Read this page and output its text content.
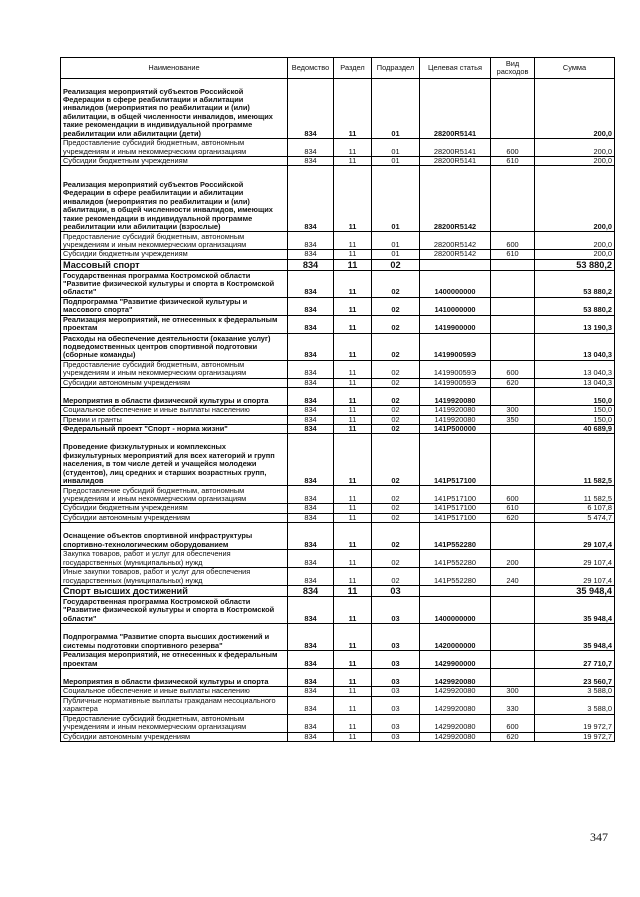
Наименование	Ведомство	Раздел	Подраздел	Целевая статья	Вид расходов	Сумма
Реализация мероприятий субъектов Российской Федерации в сфере реабилитации и абилитации инвалидов (мероприятия по реабилитации и (или) абилитации, в общей численности инвалидов, имеющих такие рекомендации в индивидуальной программе реабилитации или абилитации (дети)	834	11	01	28200R5141		200,0
Предоставление субсидий бюджетным, автономным учреждениям и иным некоммерческим организациям	834	11	01	28200R5141	600	200,0
Субсидии бюджетным учреждениям	834	11	01	28200R5141	610	200,0
Реализация мероприятий субъектов Российской Федерации в сфере реабилитации и абилитации инвалидов (мероприятия по реабилитации и (или) абилитации, в общей численности инвалидов, имеющих такие рекомендации в индивидуальной программе реабилитации или абилитации (взрослые)	834	11	01	28200R5142		200,0
Предоставление субсидий бюджетным, автономным учреждениям и иным некоммерческим организациям	834	11	01	28200R5142	600	200,0
Субсидии бюджетным учреждениям	834	11	01	28200R5142	610	200,0
Массовый спорт	834	11	02			53 880,2
Государственная программа Костромской области "Развитие физической культуры и спорта в Костромской области"	834	11	02	1400000000		53 880,2
Подпрограмма "Развитие физической культуры и массового спорта"	834	11	02	1410000000		53 880,2
Реализация мероприятий, не отнесенных к федеральным проектам	834	11	02	1419900000		13 190,3
Расходы на обеспечение деятельности (оказание услуг) подведомственных центров спортивной подготовки (сборные команды)	834	11	02	141990059Э		13 040,3
Предоставление субсидий бюджетным, автономным учреждениям и иным некоммерческим организациям	834	11	02	141990059Э	600	13 040,3
Субсидии автономным учреждениям	834	11	02	141990059Э	620	13 040,3
Мероприятия в области физической культуры и спорта	834	11	02	1419920080		150,0
Социальное обеспечение и иные выплаты населению	834	11	02	1419920080	300	150,0
Премии и гранты	834	11	02	1419920080	350	150,0
Федеральный проект "Спорт - норма жизни"	834	11	02	141P500000		40 689,9
Проведение физкультурных и комплексных физкультурных мероприятий для всех категорий и групп населения, в том числе детей и учащейся молодежи (студентов), лиц средних и старших возрастных групп, инвалидов	834	11	02	141P517100		11 582,5
Предоставление субсидий бюджетным, автономным учреждениям и иным некоммерческим организациям	834	11	02	141P517100	600	11 582,5
Субсидии бюджетным учреждениям	834	11	02	141P517100	610	6 107,8
Субсидии автономным учреждениям	834	11	02	141P517100	620	5 474,7
Оснащение объектов спортивной инфраструктуры спортивно-технологическим оборудованием	834	11	02	141P552280		29 107,4
Закупка товаров, работ и услуг для обеспечения государственных (муниципальных) нужд	834	11	02	141P552280	200	29 107,4
Иные закупки товаров, работ и услуг для обеспечения государственных (муниципальных) нужд	834	11	02	141P552280	240	29 107,4
Спорт высших достижений	834	11	03			35 948,4
Государственная программа Костромской области "Развитие физической культуры и спорта в Костромской области"	834	11	03	1400000000		35 948,4
Подпрограмма "Развитие спорта высших достижений и системы подготовки спортивного резерва"	834	11	03	1420000000		35 948,4
Реализация мероприятий, не отнесенных к федеральным проектам	834	11	03	1429900000		27 710,7
Мероприятия в области физической культуры и спорта	834	11	03	1429920080		23 560,7
Социальное обеспечение и иные выплаты населению	834	11	03	1429920080	300	3 588,0
Публичные нормативные выплаты гражданам несоциального характера	834	11	03	1429920080	330	3 588,0
Предоставление субсидий бюджетным, автономным учреждениям и иным некоммерческим организациям	834	11	03	1429920080	600	19 972,7
Субсидии автономным учреждениям	834	11	03	1429920080	620	19 972,7
347
